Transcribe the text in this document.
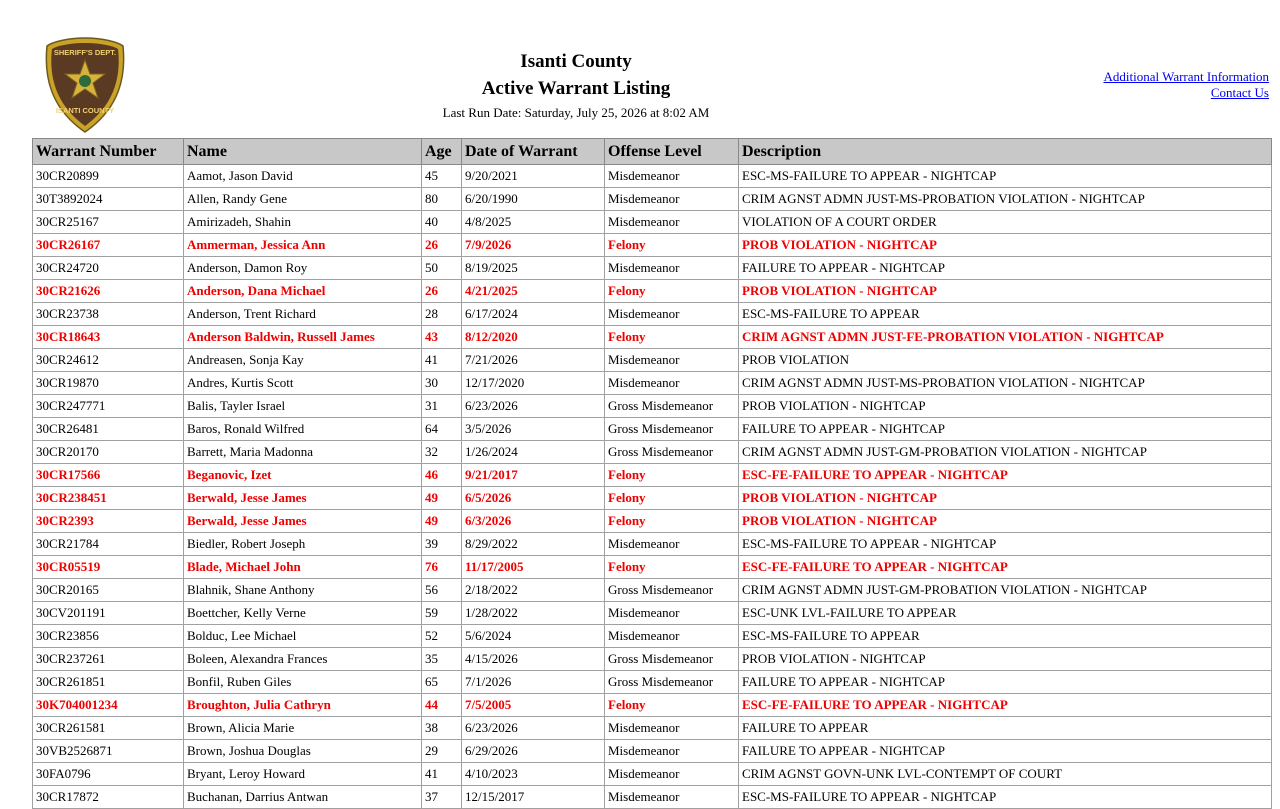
SHERIFF'S DEPT.
ISANTI COUNTY
Isanti County
Active Warrant Listing
Last Run Date: Saturday, July 25, 2026 at 8:02 AM
Additional Warrant Information
Contact Us
Warrant Number	Name	Age	Date of Warrant	Offense Level	Description
30CR20899	Aamot, Jason David	45	9/20/2021	Misdemeanor	ESC-MS-FAILURE TO APPEAR - NIGHTCAP
30T3892024	Allen, Randy Gene	80	6/20/1990	Misdemeanor	CRIM AGNST ADMN JUST-MS-PROBATION VIOLATION - NIGHTCAP
30CR25167	Amirizadeh, Shahin	40	4/8/2025	Misdemeanor	VIOLATION OF A COURT ORDER
30CR26167	Ammerman, Jessica Ann	26	7/9/2026	Felony	PROB VIOLATION - NIGHTCAP
30CR24720	Anderson, Damon Roy	50	8/19/2025	Misdemeanor	FAILURE TO APPEAR - NIGHTCAP
30CR21626	Anderson, Dana Michael	26	4/21/2025	Felony	PROB VIOLATION - NIGHTCAP
30CR23738	Anderson, Trent Richard	28	6/17/2024	Misdemeanor	ESC-MS-FAILURE TO APPEAR
30CR18643	Anderson Baldwin, Russell James	43	8/12/2020	Felony	CRIM AGNST ADMN JUST-FE-PROBATION VIOLATION - NIGHTCAP
30CR24612	Andreasen, Sonja Kay	41	7/21/2026	Misdemeanor	PROB VIOLATION
30CR19870	Andres, Kurtis Scott	30	12/17/2020	Misdemeanor	CRIM AGNST ADMN JUST-MS-PROBATION VIOLATION - NIGHTCAP
30CR247771	Balis, Tayler Israel	31	6/23/2026	Gross Misdemeanor	PROB VIOLATION - NIGHTCAP
30CR26481	Baros, Ronald Wilfred	64	3/5/2026	Gross Misdemeanor	FAILURE TO APPEAR - NIGHTCAP
30CR20170	Barrett, Maria Madonna	32	1/26/2024	Gross Misdemeanor	CRIM AGNST ADMN JUST-GM-PROBATION VIOLATION - NIGHTCAP
30CR17566	Beganovic, Izet	46	9/21/2017	Felony	ESC-FE-FAILURE TO APPEAR - NIGHTCAP
30CR238451	Berwald, Jesse James	49	6/5/2026	Felony	PROB VIOLATION - NIGHTCAP
30CR2393	Berwald, Jesse James	49	6/3/2026	Felony	PROB VIOLATION - NIGHTCAP
30CR21784	Biedler, Robert Joseph	39	8/29/2022	Misdemeanor	ESC-MS-FAILURE TO APPEAR - NIGHTCAP
30CR05519	Blade, Michael John	76	11/17/2005	Felony	ESC-FE-FAILURE TO APPEAR - NIGHTCAP
30CR20165	Blahnik, Shane Anthony	56	2/18/2022	Gross Misdemeanor	CRIM AGNST ADMN JUST-GM-PROBATION VIOLATION - NIGHTCAP
30CV201191	Boettcher, Kelly Verne	59	1/28/2022	Misdemeanor	ESC-UNK LVL-FAILURE TO APPEAR
30CR23856	Bolduc, Lee Michael	52	5/6/2024	Misdemeanor	ESC-MS-FAILURE TO APPEAR
30CR237261	Boleen, Alexandra Frances	35	4/15/2026	Gross Misdemeanor	PROB VIOLATION - NIGHTCAP
30CR261851	Bonfil, Ruben Giles	65	7/1/2026	Gross Misdemeanor	FAILURE TO APPEAR - NIGHTCAP
30K704001234	Broughton, Julia Cathryn	44	7/5/2005	Felony	ESC-FE-FAILURE TO APPEAR - NIGHTCAP
30CR261581	Brown, Alicia Marie	38	6/23/2026	Misdemeanor	FAILURE TO APPEAR
30VB2526871	Brown, Joshua Douglas	29	6/29/2026	Misdemeanor	FAILURE TO APPEAR - NIGHTCAP
30FA0796	Bryant, Leroy Howard	41	4/10/2023	Misdemeanor	CRIM AGNST GOVN-UNK LVL-CONTEMPT OF COURT
30CR17872	Buchanan, Darrius Antwan	37	12/15/2017	Misdemeanor	ESC-MS-FAILURE TO APPEAR - NIGHTCAP
